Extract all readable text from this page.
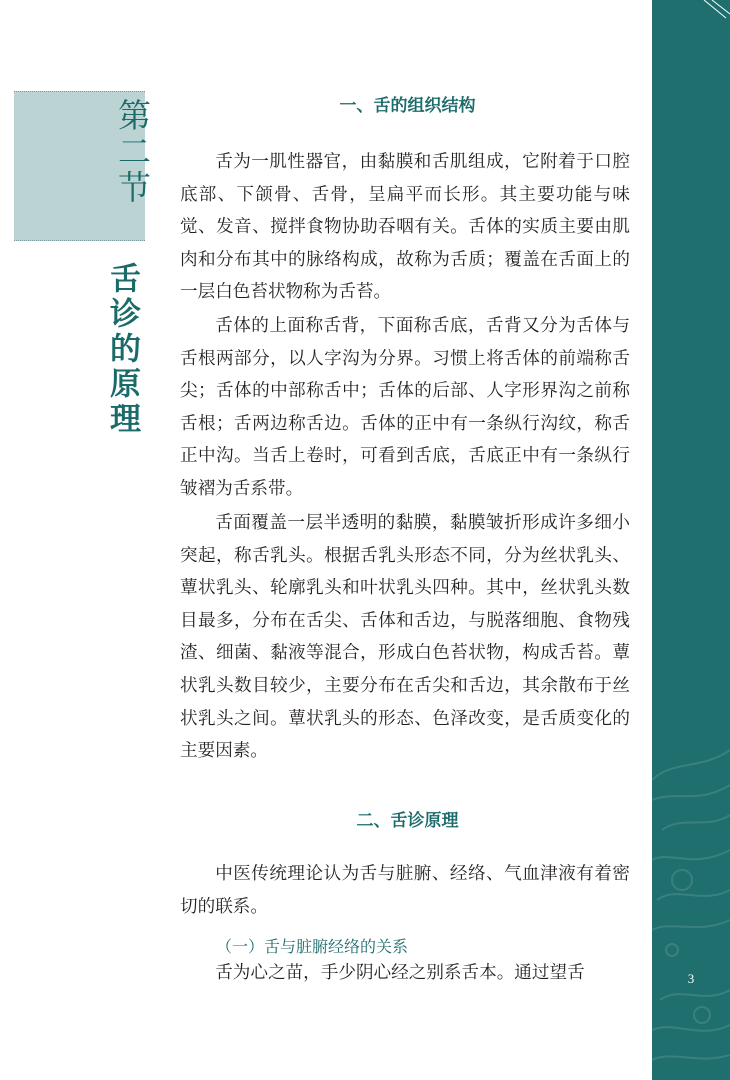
3
第二节
舌诊的原理
一、舌的组织结构

舌为一肌性器官，由黏膜和舌肌组成，它附着于口腔底部、下颌骨、舌骨，呈扁平而长形。其主要功能与味觉、发音、搅拌食物协助吞咽有关。舌体的实质主要由肌肉和分布其中的脉络构成，故称为舌质；覆盖在舌面上的一层白色苔状物称为舌苔。

舌体的上面称舌背，下面称舌底，舌背又分为舌体与舌根两部分，以人字沟为分界。习惯上将舌体的前端称舌尖；舌体的中部称舌中；舌体的后部、人字形界沟之前称舌根；舌两边称舌边。舌体的正中有一条纵行沟纹，称舌正中沟。当舌上卷时，可看到舌底，舌底正中有一条纵行皱褶为舌系带。

舌面覆盖一层半透明的黏膜，黏膜皱折形成许多细小突起，称舌乳头。根据舌乳头形态不同，分为丝状乳头、蕈状乳头、轮廓乳头和叶状乳头四种。其中，丝状乳头数目最多，分布在舌尖、舌体和舌边，与脱落细胞、食物残渣、细菌、黏液等混合，形成白色苔状物，构成舌苔。蕈状乳头数目较少，主要分布在舌尖和舌边，其余散布于丝状乳头之间。蕈状乳头的形态、色泽改变，是舌质变化的主要因素。

二、舌诊原理

中医传统理论认为舌与脏腑、经络、气血津液有着密切的联系。

（一）舌与脏腑经络的关系

舌为心之苗，手少阴心经之别系舌本。通过望舌
